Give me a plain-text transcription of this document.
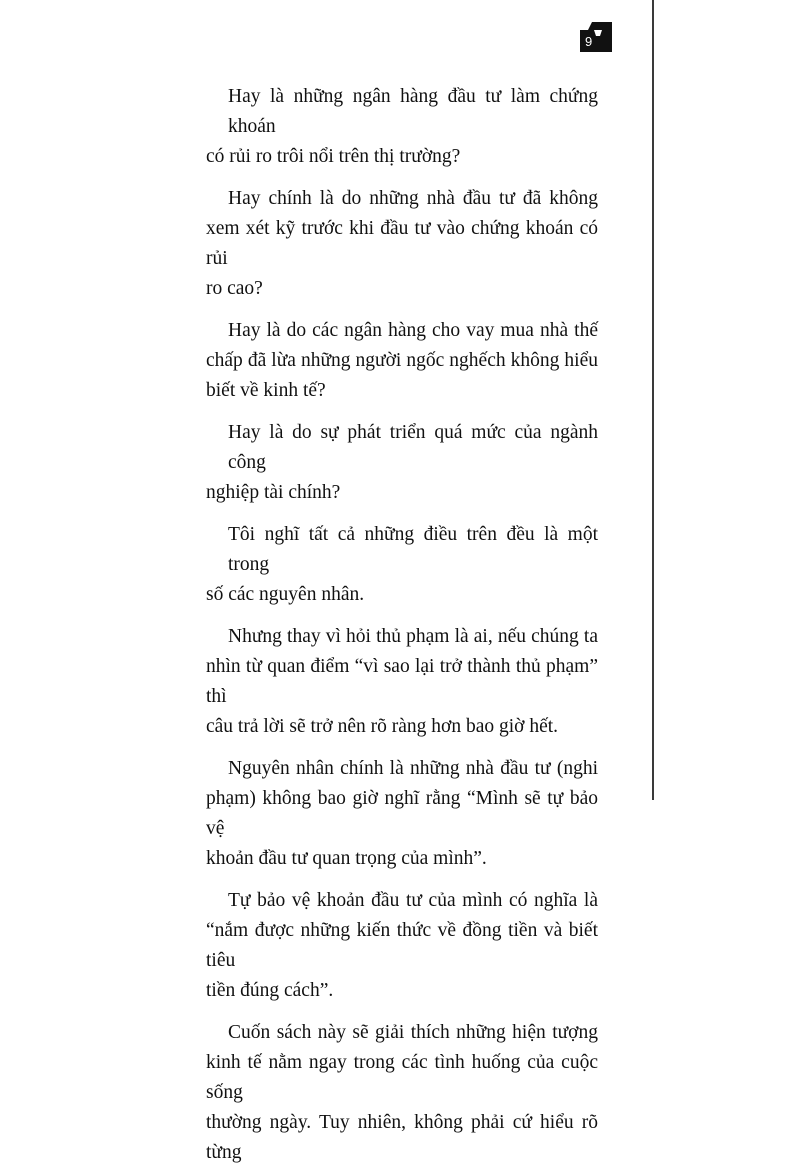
9

Hay là những ngân hàng đầu tư làm chứng khoán
có rủi ro trôi nổi trên thị trường?

Hay chính là do những nhà đầu tư đã không
xem xét kỹ trước khi đầu tư vào chứng khoán có rủi
ro cao?

Hay là do các ngân hàng cho vay mua nhà thế
chấp đã lừa những người ngốc nghếch không hiểu
biết về kinh tế?

Hay là do sự phát triển quá mức của ngành công
nghiệp tài chính?

Tôi nghĩ tất cả những điều trên đều là một trong
số các nguyên nhân.

Nhưng thay vì hỏi thủ phạm là ai, nếu chúng ta
nhìn từ quan điểm “vì sao lại trở thành thủ phạm” thì
câu trả lời sẽ trở nên rõ ràng hơn bao giờ hết.

Nguyên nhân chính là những nhà đầu tư (nghi
phạm) không bao giờ nghĩ rằng “Mình sẽ tự bảo vệ
khoản đầu tư quan trọng của mình”.

Tự bảo vệ khoản đầu tư của mình có nghĩa là
“nắm được những kiến thức về đồng tiền và biết tiêu
tiền đúng cách”.

Cuốn sách này sẽ giải thích những hiện tượng
kinh tế nằm ngay trong các tình huống của cuộc sống
thường ngày. Tuy nhiên, không phải cứ hiểu rõ từng
